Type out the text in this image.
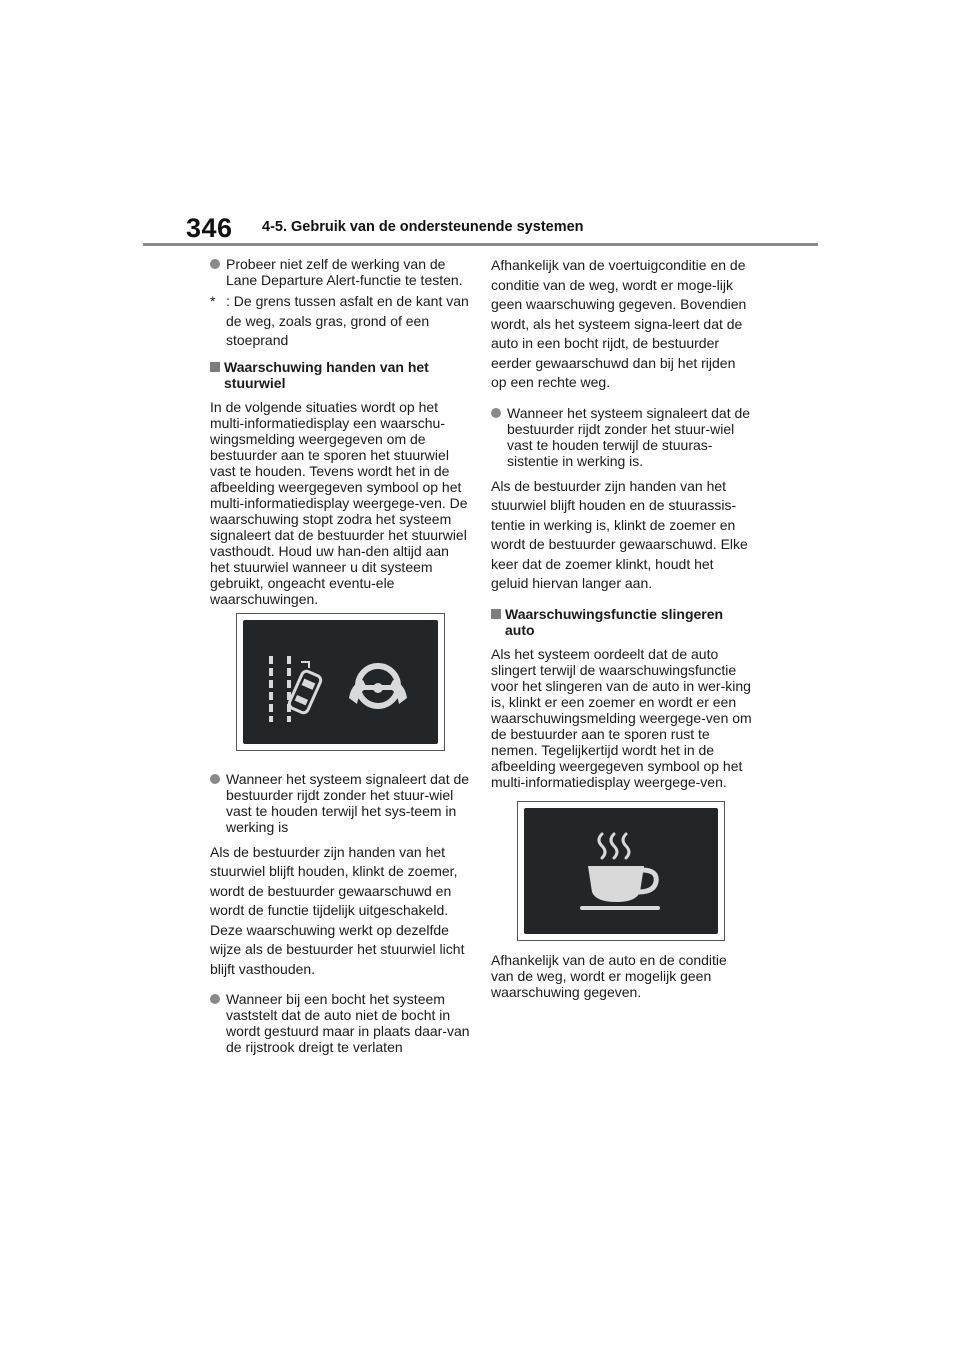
346 4-5. Gebruik van de ondersteunende systemen
Probeer niet zelf de werking van de Lane Departure Alert-functie te testen.
* : De grens tussen asfalt en de kant van de weg, zoals gras, grond of een stoeprand
Waarschuwing handen van het stuurwiel
In de volgende situaties wordt op het multi-informatiedisplay een waarschu-wingsmelding weergegeven om de bestuurder aan te sporen het stuurwiel vast te houden. Tevens wordt het in de afbeelding weergegeven symbool op het multi-informatiedisplay weergege-ven. De waarschuwing stopt zodra het systeem signaleert dat de bestuurder het stuurwiel vasthoudt. Houd uw han-den altijd aan het stuurwiel wanneer u dit systeem gebruikt, ongeacht eventu-ele waarschuwingen.
Wanneer het systeem signaleert dat de bestuurder rijdt zonder het stuur-wiel vast te houden terwijl het sys-teem in werking is
Als de bestuurder zijn handen van het stuurwiel blijft houden, klinkt de zoemer, wordt de bestuurder gewaarschuwd en wordt de functie tijdelijk uitgeschakeld. Deze waarschuwing werkt op dezelfde wijze als de bestuurder het stuurwiel licht blijft vasthouden.
Wanneer bij een bocht het systeem vaststelt dat de auto niet de bocht in wordt gestuurd maar in plaats daar-van de rijstrook dreigt te verlaten
Afhankelijk van de voertuigconditie en de conditie van de weg, wordt er moge-lijk geen waarschuwing gegeven. Bovendien wordt, als het systeem signa-leert dat de auto in een bocht rijdt, de bestuurder eerder gewaarschuwd dan bij het rijden op een rechte weg.
Wanneer het systeem signaleert dat de bestuurder rijdt zonder het stuur-wiel vast te houden terwijl de stuuras-sistentie in werking is.
Als de bestuurder zijn handen van het stuurwiel blijft houden en de stuurassis-tentie in werking is, klinkt de zoemer en wordt de bestuurder gewaarschuwd. Elke keer dat de zoemer klinkt, houdt het geluid hiervan langer aan.
Waarschuwingsfunctie slingeren auto
Als het systeem oordeelt dat de auto slingert terwijl de waarschuwingsfunctie voor het slingeren van de auto in wer-king is, klinkt er een zoemer en wordt er een waarschuwingsmelding weergege-ven om de bestuurder aan te sporen rust te nemen. Tegelijkertijd wordt het in de afbeelding weergegeven symbool op het multi-informatiedisplay weergege-ven.
Afhankelijk van de auto en de conditie van de weg, wordt er mogelijk geen waarschuwing gegeven.
